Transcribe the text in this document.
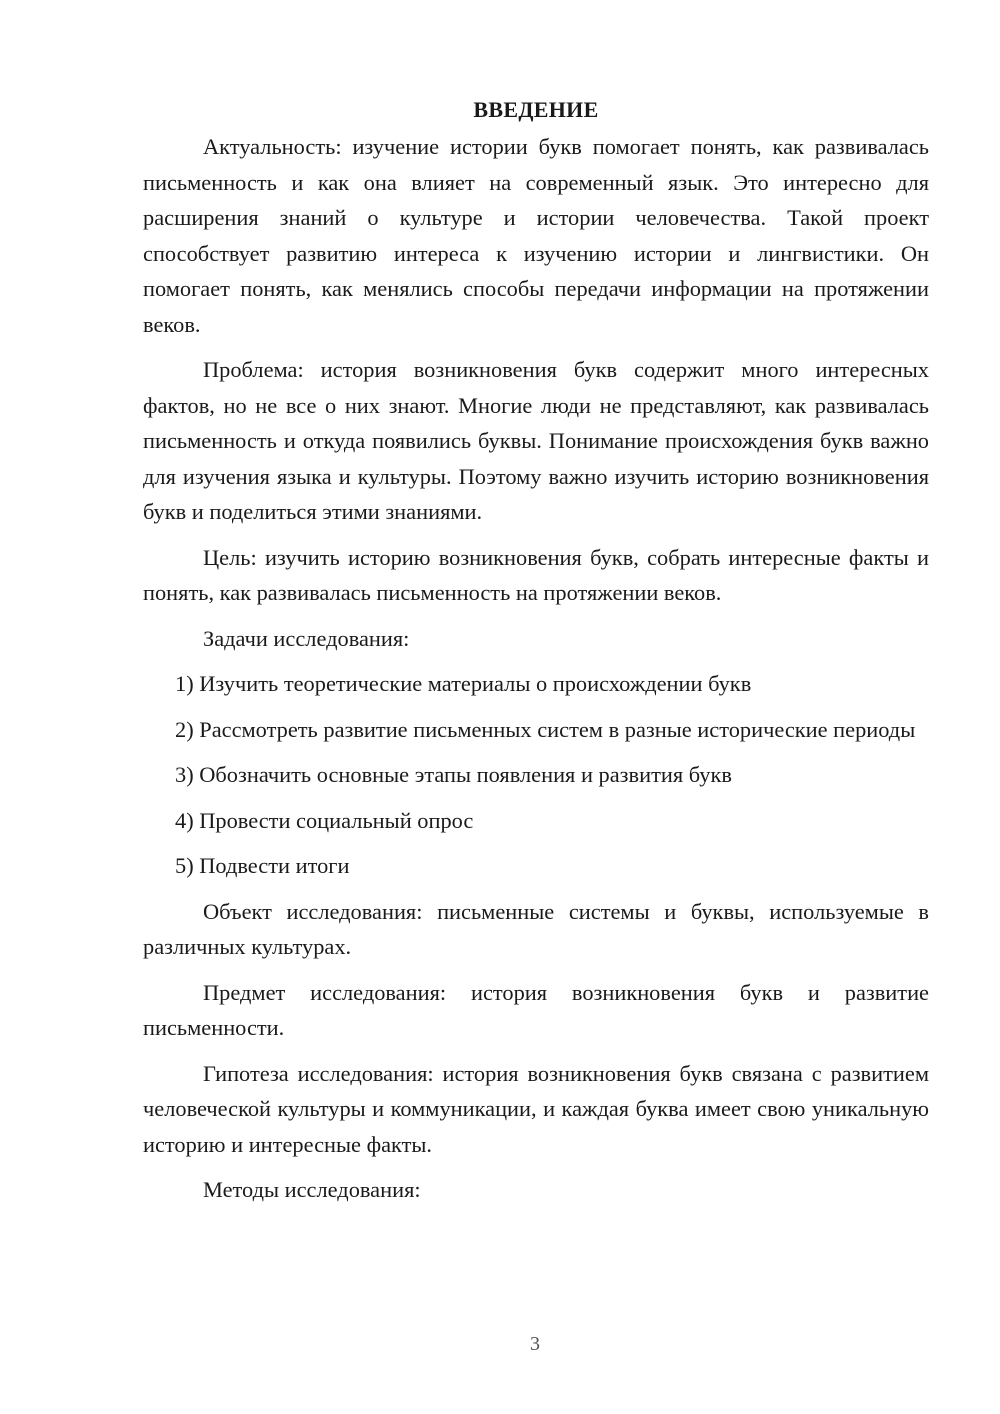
ВВЕДЕНИЕ

Актуальность: изучение истории букв помогает понять, как развивалась письменность и как она влияет на современный язык. Это интересно для расширения знаний о культуре и истории человечества. Такой проект способствует развитию интереса к изучению истории и лингвистики. Он помогает понять, как менялись способы передачи информации на протяжении веков.

Проблема: история возникновения букв содержит много интересных фактов, но не все о них знают. Многие люди не представляют, как развивалась письменность и откуда появились буквы. Понимание происхождения букв важно для изучения языка и культуры. Поэтому важно изучить историю возникновения букв и поделиться этими знаниями.

Цель: изучить историю возникновения букв, собрать интересные факты и понять, как развивалась письменность на протяжении веков.

Задачи исследования:

1) Изучить теоретические материалы о происхождении букв

2) Рассмотреть развитие письменных систем в разные исторические периоды

3) Обозначить основные этапы появления и развития букв

4) Провести социальный опрос

5) Подвести итоги

Объект исследования: письменные системы и буквы, используемые в различных культурах.

Предмет исследования: история возникновения букв и развитие письменности.

Гипотеза исследования: история возникновения букв связана с развитием человеческой культуры и коммуникации, и каждая буква имеет свою уникальную историю и интересные факты.

Методы исследования:

3
